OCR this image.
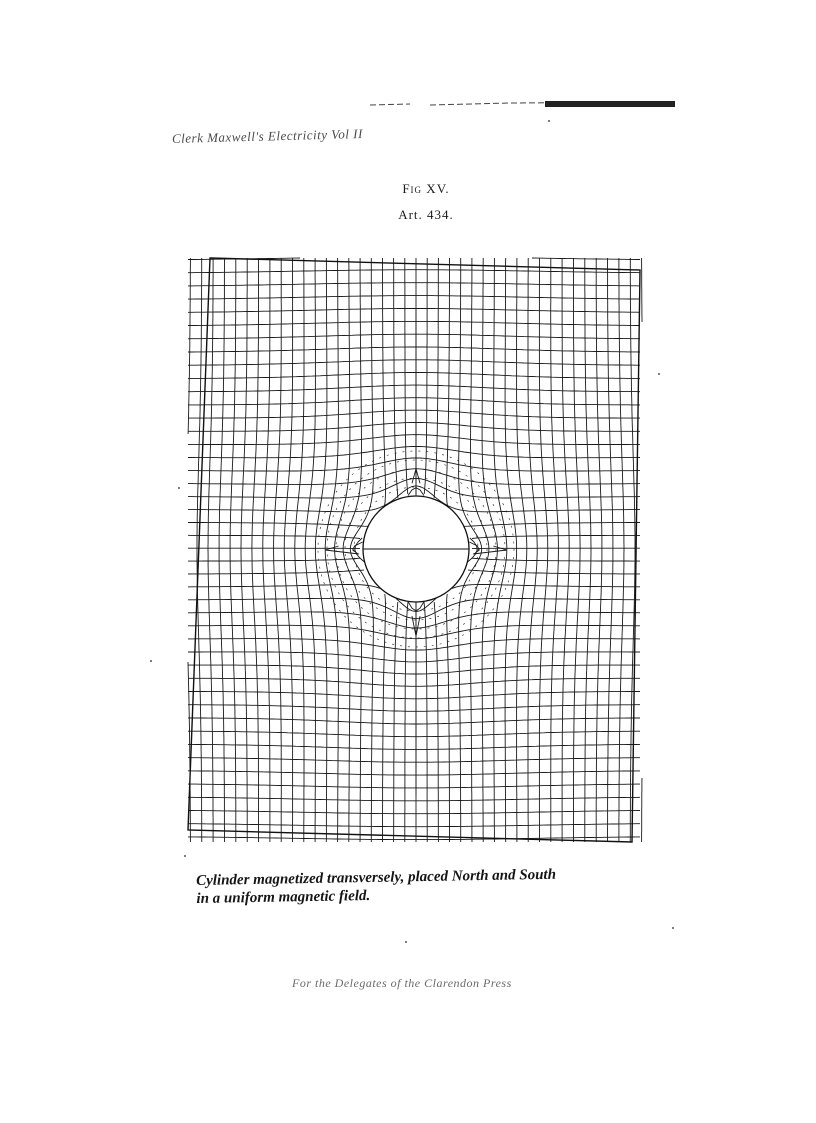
Clerk Maxwell's Electricity Vol II
Fig XV.
Art. 434.
Cylinder magnetized transversely, placed North and South
in a uniform magnetic field.
For the Delegates of the Clarendon Press
